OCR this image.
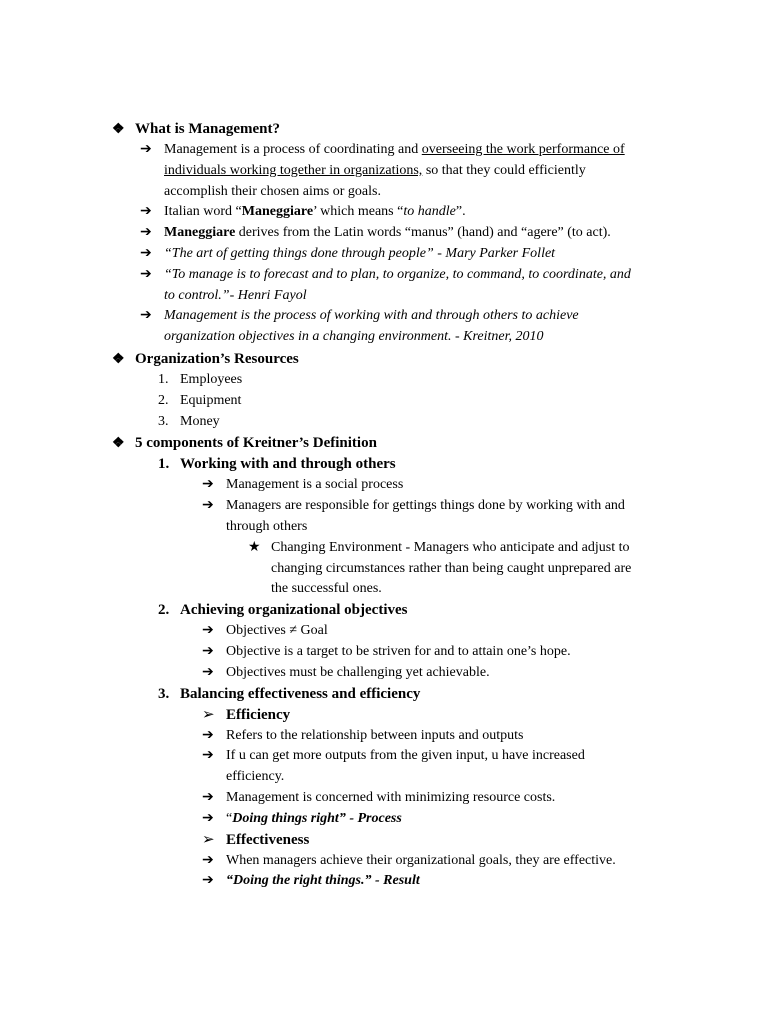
❖ What is Management?
➔ Management is a process of coordinating and overseeing the work performance of
individuals working together in organizations, so that they could efficiently
accomplish their chosen aims or goals.
➔ Italian word “Maneggiare’ which means “to handle”.
➔ Maneggiare derives from the Latin words “manus” (hand) and “agere” (to act).
➔ “The art of getting things done through people” - Mary Parker Follet
➔ “To manage is to forecast and to plan, to organize, to command, to coordinate, and
to control.”- Henri Fayol
➔ Management is the process of working with and through others to achieve
organization objectives in a changing environment. - Kreitner, 2010
❖ Organization’s Resources
1. Employees
2. Equipment
3. Money
❖ 5 components of Kreitner’s Definition
1. Working with and through others
➔ Management is a social process
➔ Managers are responsible for gettings things done by working with and
through others
★ Changing Environment - Managers who anticipate and adjust to
changing circumstances rather than being caught unprepared are
the successful ones.
2. Achieving organizational objectives
➔ Objectives ≠ Goal
➔ Objective is a target to be striven for and to attain one’s hope.
➔ Objectives must be challenging yet achievable.
3. Balancing effectiveness and efficiency
➢ Efficiency
➔ Refers to the relationship between inputs and outputs
➔ If u can get more outputs from the given input, u have increased
efficiency.
➔ Management is concerned with minimizing resource costs.
➔ “Doing things right” - Process
➢ Effectiveness
➔ When managers achieve their organizational goals, they are effective.
➔ “Doing the right things.” - Result
